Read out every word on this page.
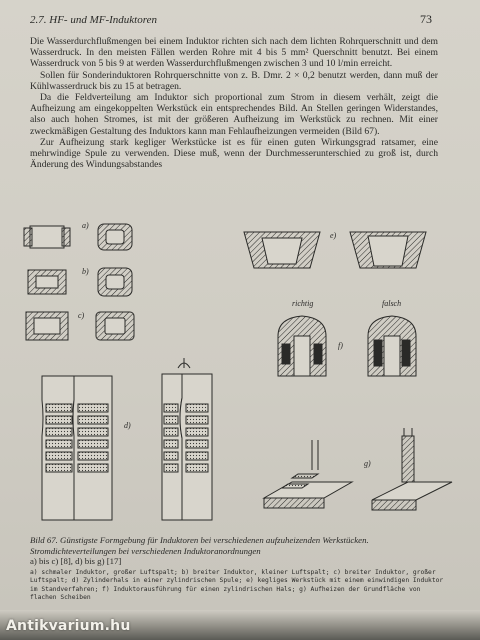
2.7. HF- und MF-Induktoren	73

Die Wasserdurchflußmengen bei einem Induktor richten sich nach dem lichten Rohrquerschnitt und dem Wasserdruck. In den meisten Fällen werden Rohre mit 4 bis 5 mm² Querschnitt benutzt. Bei einem Wasserdruck von 5 bis 9 at werden Wasserdurchflußmengen zwischen 3 und 10 l/min erreicht.

Sollen für Sonderinduktoren Rohrquerschnitte von z. B. Dmr. 2 × 0,2 benutzt werden, dann muß der Kühlwasserdruck bis zu 15 at betragen.

Da die Feldverteilung am Induktor sich proportional zum Strom in diesem verhält, zeigt die Aufheizung am eingekoppelten Werkstück ein entsprechendes Bild. An Stellen geringen Widerstandes, also auch hohen Stromes, ist mit der größeren Aufheizung im Werkstück zu rechnen. Mit einer zweckmäßigen Gestaltung des Induktors kann man Fehlaufheizungen vermeiden (Bild 67).

Zur Aufheizung stark kegliger Werkstücke ist es für einen guten Wirkungsgrad ratsamer, eine mehrwindige Spule zu verwenden. Diese muß, wenn der Durchmesserunterschied zu groß ist, durch Änderung des Windungsabstandes

a)
b)
c)
d)
e)
richtig	falsch
f)
g)
Bild 67. Günstigste Formgebung für Induktoren bei verschiedenen aufzuheizenden Werkstücken. Stromdichteverteilungen bei verschiedenen Induktoranordnungen
a) bis c) [8], d) bis g) [17]
a) schmaler Induktor, großer Luftspalt; b) breiter Induktor, kleiner Luftspalt; c) breiter Induktor, großer Luftspalt; d) Zylinderhals in einer zylindrischen Spule; e) kegliges Werkstück mit einem einwindigen Induktor im Standverfahren; f) Induktorausführung für einen zylindrischen Hals; g) Aufheizen der Grundfläche von flachen Scheiben
Antikvarium.hu
